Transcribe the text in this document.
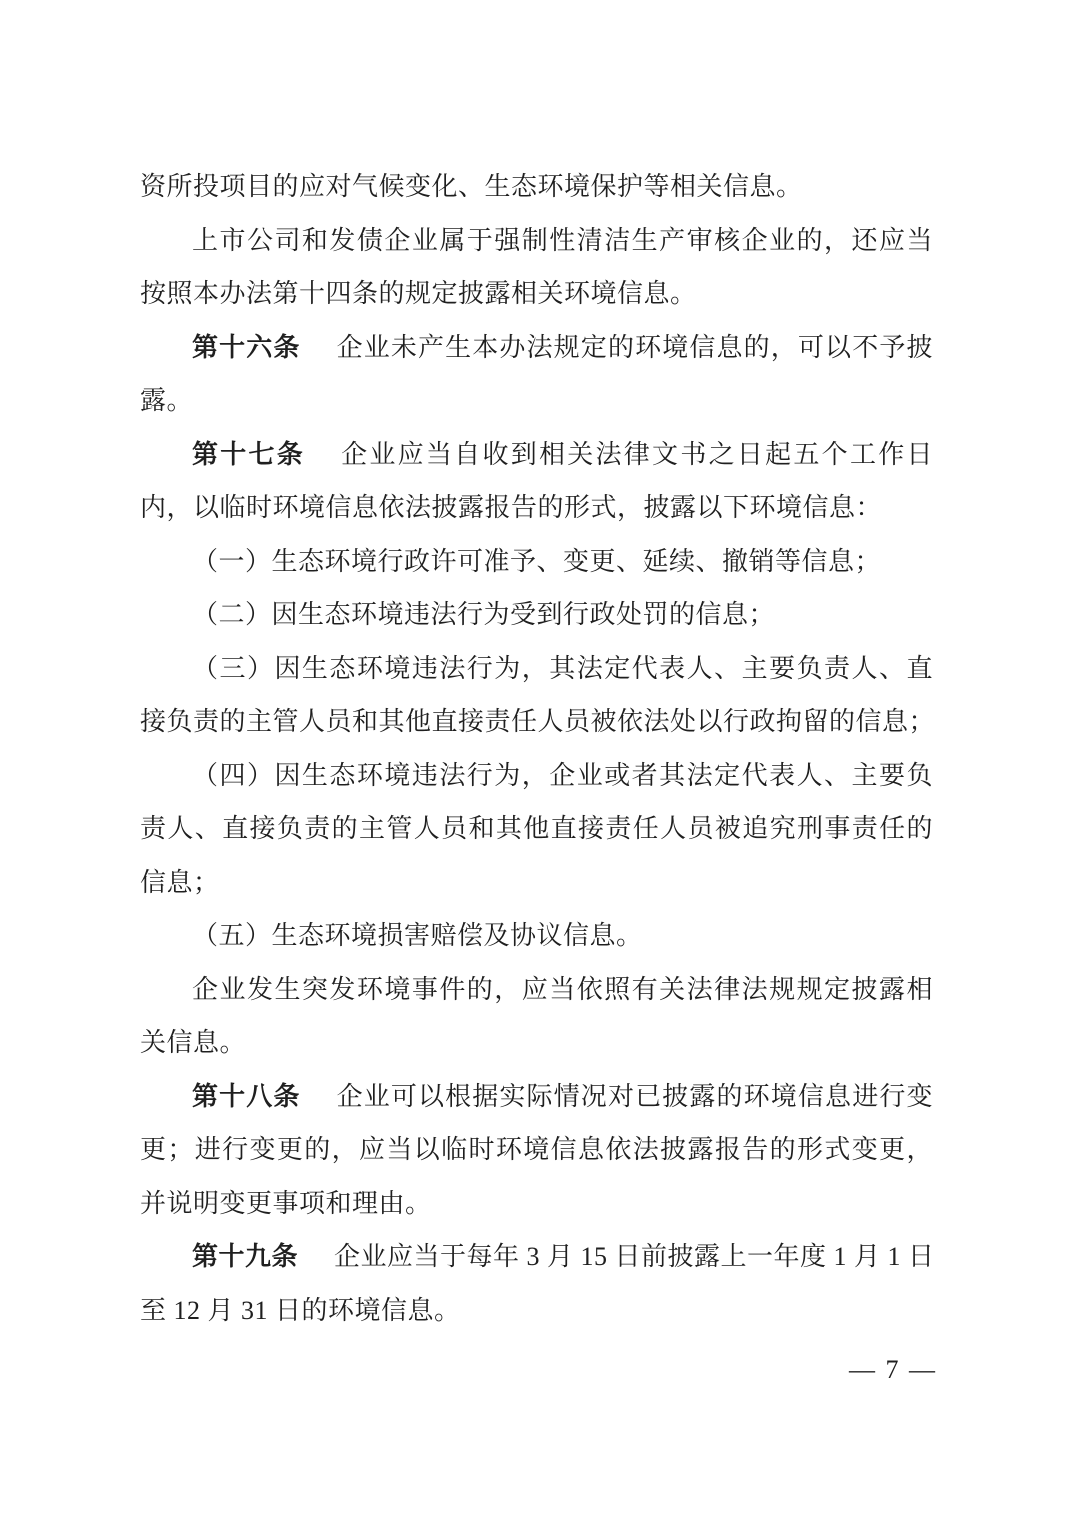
资所投项目的应对气候变化、生态环境保护等相关信息。
上市公司和发债企业属于强制性清洁生产审核企业的，还应当
按照本办法第十四条的规定披露相关环境信息。
第十六条 企业未产生本办法规定的环境信息的，可以不予披
露。
第十七条 企业应当自收到相关法律文书之日起五个工作日
内，以临时环境信息依法披露报告的形式，披露以下环境信息：
（一）生态环境行政许可准予、变更、延续、撤销等信息；
（二）因生态环境违法行为受到行政处罚的信息；
（三）因生态环境违法行为，其法定代表人、主要负责人、直
接负责的主管人员和其他直接责任人员被依法处以行政拘留的信息；
（四）因生态环境违法行为，企业或者其法定代表人、主要负
责人、直接负责的主管人员和其他直接责任人员被追究刑事责任的
信息；
（五）生态环境损害赔偿及协议信息。
企业发生突发环境事件的，应当依照有关法律法规规定披露相
关信息。
第十八条 企业可以根据实际情况对已披露的环境信息进行变
更；进行变更的，应当以临时环境信息依法披露报告的形式变更，
并说明变更事项和理由。
第十九条 企业应当于每年 3 月 15 日前披露上一年度 1 月 1 日
至 12 月 31 日的环境信息。
— 7 —
